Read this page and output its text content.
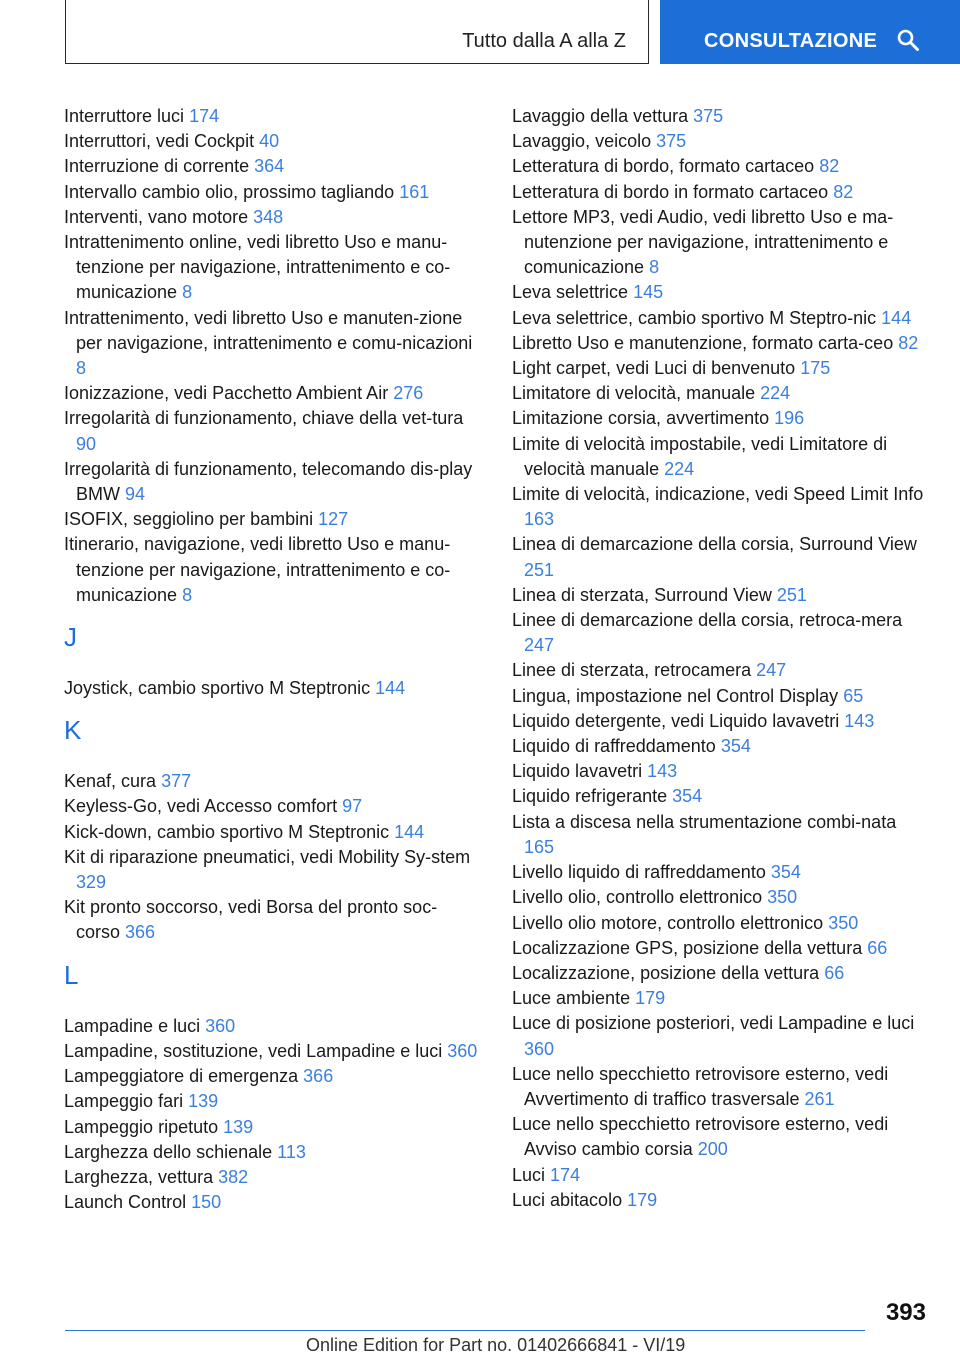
Tutto dalla A alla Z	CONSULTAZIONE

Interruttore luci 174

Interruttori, vedi Cockpit 40

Interruzione di corrente 364

Intervallo cambio olio, prossimo tagliando 161

Interventi, vano motore 348

Intrattenimento online, vedi libretto Uso e manu-tenzione per navigazione, intrattenimento e co-municazione 8

Intrattenimento, vedi libretto Uso e manuten-zione per navigazione, intrattenimento e comu-nicazioni 8

Ionizzazione, vedi Pacchetto Ambient Air 276

Irregolarità di funzionamento, chiave della vet-tura 90

Irregolarità di funzionamento, telecomando dis-play BMW 94

ISOFIX, seggiolino per bambini 127

Itinerario, navigazione, vedi libretto Uso e manu-tenzione per navigazione, intrattenimento e co-municazione 8

J

Joystick, cambio sportivo M Steptronic 144

K

Kenaf, cura 377

Keyless-Go, vedi Accesso comfort 97

Kick-down, cambio sportivo M Steptronic 144

Kit di riparazione pneumatici, vedi Mobility Sy-stem 329

Kit pronto soccorso, vedi Borsa del pronto soc-corso 366

L

Lampadine e luci 360

Lampadine, sostituzione, vedi Lampadine e luci 360

Lampeggiatore di emergenza 366

Lampeggio fari 139

Lampeggio ripetuto 139

Larghezza dello schienale 113

Larghezza, vettura 382

Launch Control 150

Lavaggio della vettura 375

Lavaggio, veicolo 375

Letteratura di bordo, formato cartaceo 82

Letteratura di bordo in formato cartaceo 82

Lettore MP3, vedi Audio, vedi libretto Uso e ma-nutenzione per navigazione, intrattenimento e comunicazione 8

Leva selettrice 145

Leva selettrice, cambio sportivo M Steptro-nic 144

Libretto Uso e manutenzione, formato carta-ceo 82

Light carpet, vedi Luci di benvenuto 175

Limitatore di velocità, manuale 224

Limitazione corsia, avvertimento 196

Limite di velocità impostabile, vedi Limitatore di velocità manuale 224

Limite di velocità, indicazione, vedi Speed Limit Info 163

Linea di demarcazione della corsia, Surround View 251

Linea di sterzata, Surround View 251

Linee di demarcazione della corsia, retroca-mera 247

Linee di sterzata, retrocamera 247

Lingua, impostazione nel Control Display 65

Liquido detergente, vedi Liquido lavavetri 143

Liquido di raffreddamento 354

Liquido lavavetri 143

Liquido refrigerante 354

Lista a discesa nella strumentazione combi-nata 165

Livello liquido di raffreddamento 354

Livello olio, controllo elettronico 350

Livello olio motore, controllo elettronico 350

Localizzazione GPS, posizione della vettura 66

Localizzazione, posizione della vettura 66

Luce ambiente 179

Luce di posizione posteriori, vedi Lampadine e luci 360

Luce nello specchietto retrovisore esterno, vedi Avvertimento di traffico trasversale 261

Luce nello specchietto retrovisore esterno, vedi Avviso cambio corsia 200

Luci 174

Luci abitacolo 179

393
Online Edition for Part no. 01402666841 - VI/19
